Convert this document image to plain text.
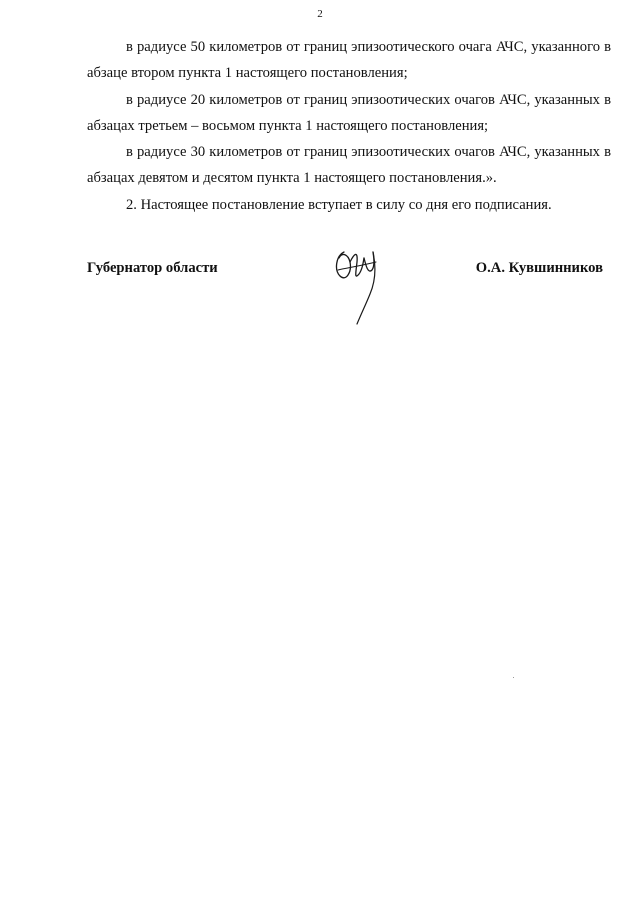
2

в радиусе 50 километров от границ эпизоотического очага АЧС, указанного в абзаце втором пункта 1 настоящего постановления;

в радиусе 20 километров от границ эпизоотических очагов АЧС, указанных в абзацах третьем – восьмом пункта 1 настоящего постановления;

в радиусе 30 километров от границ эпизоотических очагов АЧС, указанных в абзацах девятом и десятом пункта 1 настоящего постановления.».

2. Настоящее постановление вступает в силу со дня его подписания.

Губернатор области	О.А. Кувшинников
